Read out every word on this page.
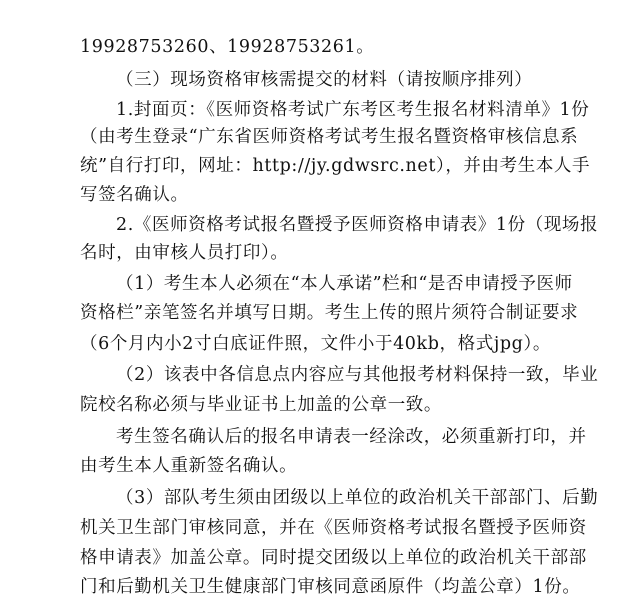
19928753260、19928753261。
（三）现场资格审核需提交的材料（请按顺序排列）
1.封面页：《医师资格考试广东考区考生报名材料清单》1份
（由考生登录“广东省医师资格考试考生报名暨资格审核信息系
统”自行打印，网址：http://jy.gdwsrc.net），并由考生本人手
写签名确认。
2.《医师资格考试报名暨授予医师资格申请表》1份（现场报
名时，由审核人员打印）。
（1）考生本人必须在“本人承诺”栏和“是否申请授予医师
资格栏”亲笔签名并填写日期。考生上传的照片须符合制证要求
（6个月内小2寸白底证件照，文件小于40kb，格式jpg）。
（2）该表中各信息点内容应与其他报考材料保持一致，毕业
院校名称必须与毕业证书上加盖的公章一致。
考生签名确认后的报名申请表一经涂改，必须重新打印，并
由考生本人重新签名确认。
（3）部队考生须由团级以上单位的政治机关干部部门、后勤
机关卫生部门审核同意，并在《医师资格考试报名暨授予医师资
格申请表》加盖公章。同时提交团级以上单位的政治机关干部部
门和后勤机关卫生健康部门审核同意函原件（均盖公章）1份。
